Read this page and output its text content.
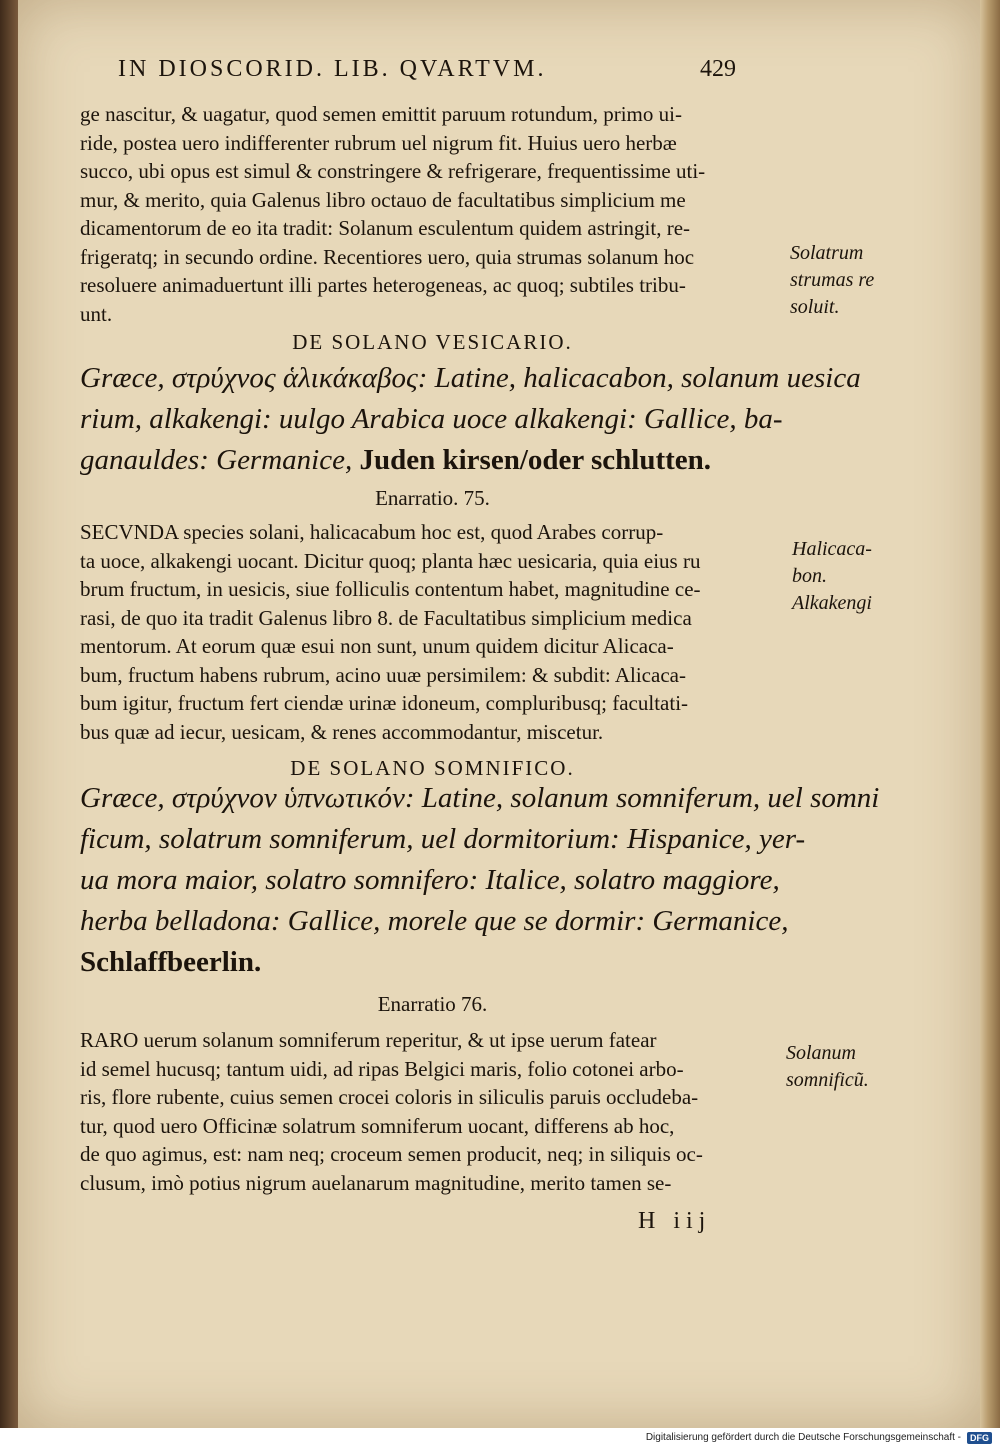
IN DIOSCORID. LIB. QVARTVM.	429
ge nascitur, & uagatur, quod semen emittit paruum rotundum, primo ui-
ride, postea uero indifferenter rubrum uel nigrum fit. Huius uero herbæ
succo, ubi opus est simul & constringere & refrigerare, frequentissime uti-
mur, & merito, quia Galenus libro octauo de facultatibus simplicium me
dicamentorum de eo ita tradit: Solanum esculentum quidem astringit, re-
frigeratq; in secundo ordine. Recentiores uero, quia strumas solanum hoc
resoluere animaduertunt illi partes heterogeneas, ac quoq; subtiles tribu-
unt.
Solatrum
strumas re
soluit.
DE SOLANO VESICARIO.
Græce, στρύχνος ἁλικάκαβος: Latine, halicacabon, solanum uesica
rium, alkakengi: uulgo Arabica uoce alkakengi: Gallice, ba-
ganauldes: Germanice, Juden kirsen/oder schlutten.
Enarratio. 75.
SECVNDA species solani, halicacabum hoc est, quod Arabes corrup-
ta uoce, alkakengi uocant. Dicitur quoq; planta hæc uesicaria, quia eius ru
brum fructum, in uesicis, siue folliculis contentum habet, magnitudine ce-
rasi, de quo ita tradit Galenus libro 8. de Facultatibus simplicium medica
mentorum. At eorum quæ esui non sunt, unum quidem dicitur Alicaca-
bum, fructum habens rubrum, acino uuæ persimilem: & subdit: Alicaca-
bum igitur, fructum fert ciendæ urinæ idoneum, compluribusq; facultati-
bus quæ ad iecur, uesicam, & renes accommodantur, miscetur.
Halicaca-
bon.
Alkakengi
DE SOLANO SOMNIFICO.
Græce, στρύχνον ὑπνωτικόν: Latine, solanum somniferum, uel somni
ficum, solatrum somniferum, uel dormitorium: Hispanice, yer-
ua mora maior, solatro somnifero: Italice, solatro maggiore,
herba belladona: Gallice, morele que se dormir: Germanice,
Schlaffbeerlin.
Enarratio 76.
RARO uerum solanum somniferum reperitur, & ut ipse uerum fatear
id semel hucusq; tantum uidi, ad ripas Belgici maris, folio cotonei arbo-
ris, flore rubente, cuius semen crocei coloris in siliculis paruis occludeba-
tur, quod uero Officinæ solatrum somniferum uocant, differens ab hoc,
de quo agimus, est: nam neq; croceum semen producit, neq; in siliquis oc-
clusum, imò potius nigrum auelanarum magnitudine, merito tamen se-
Solanum
somnificũ.
H iij
Digitalisierung gefördert durch die Deutsche Forschungsgemeinschaft -	DFG
